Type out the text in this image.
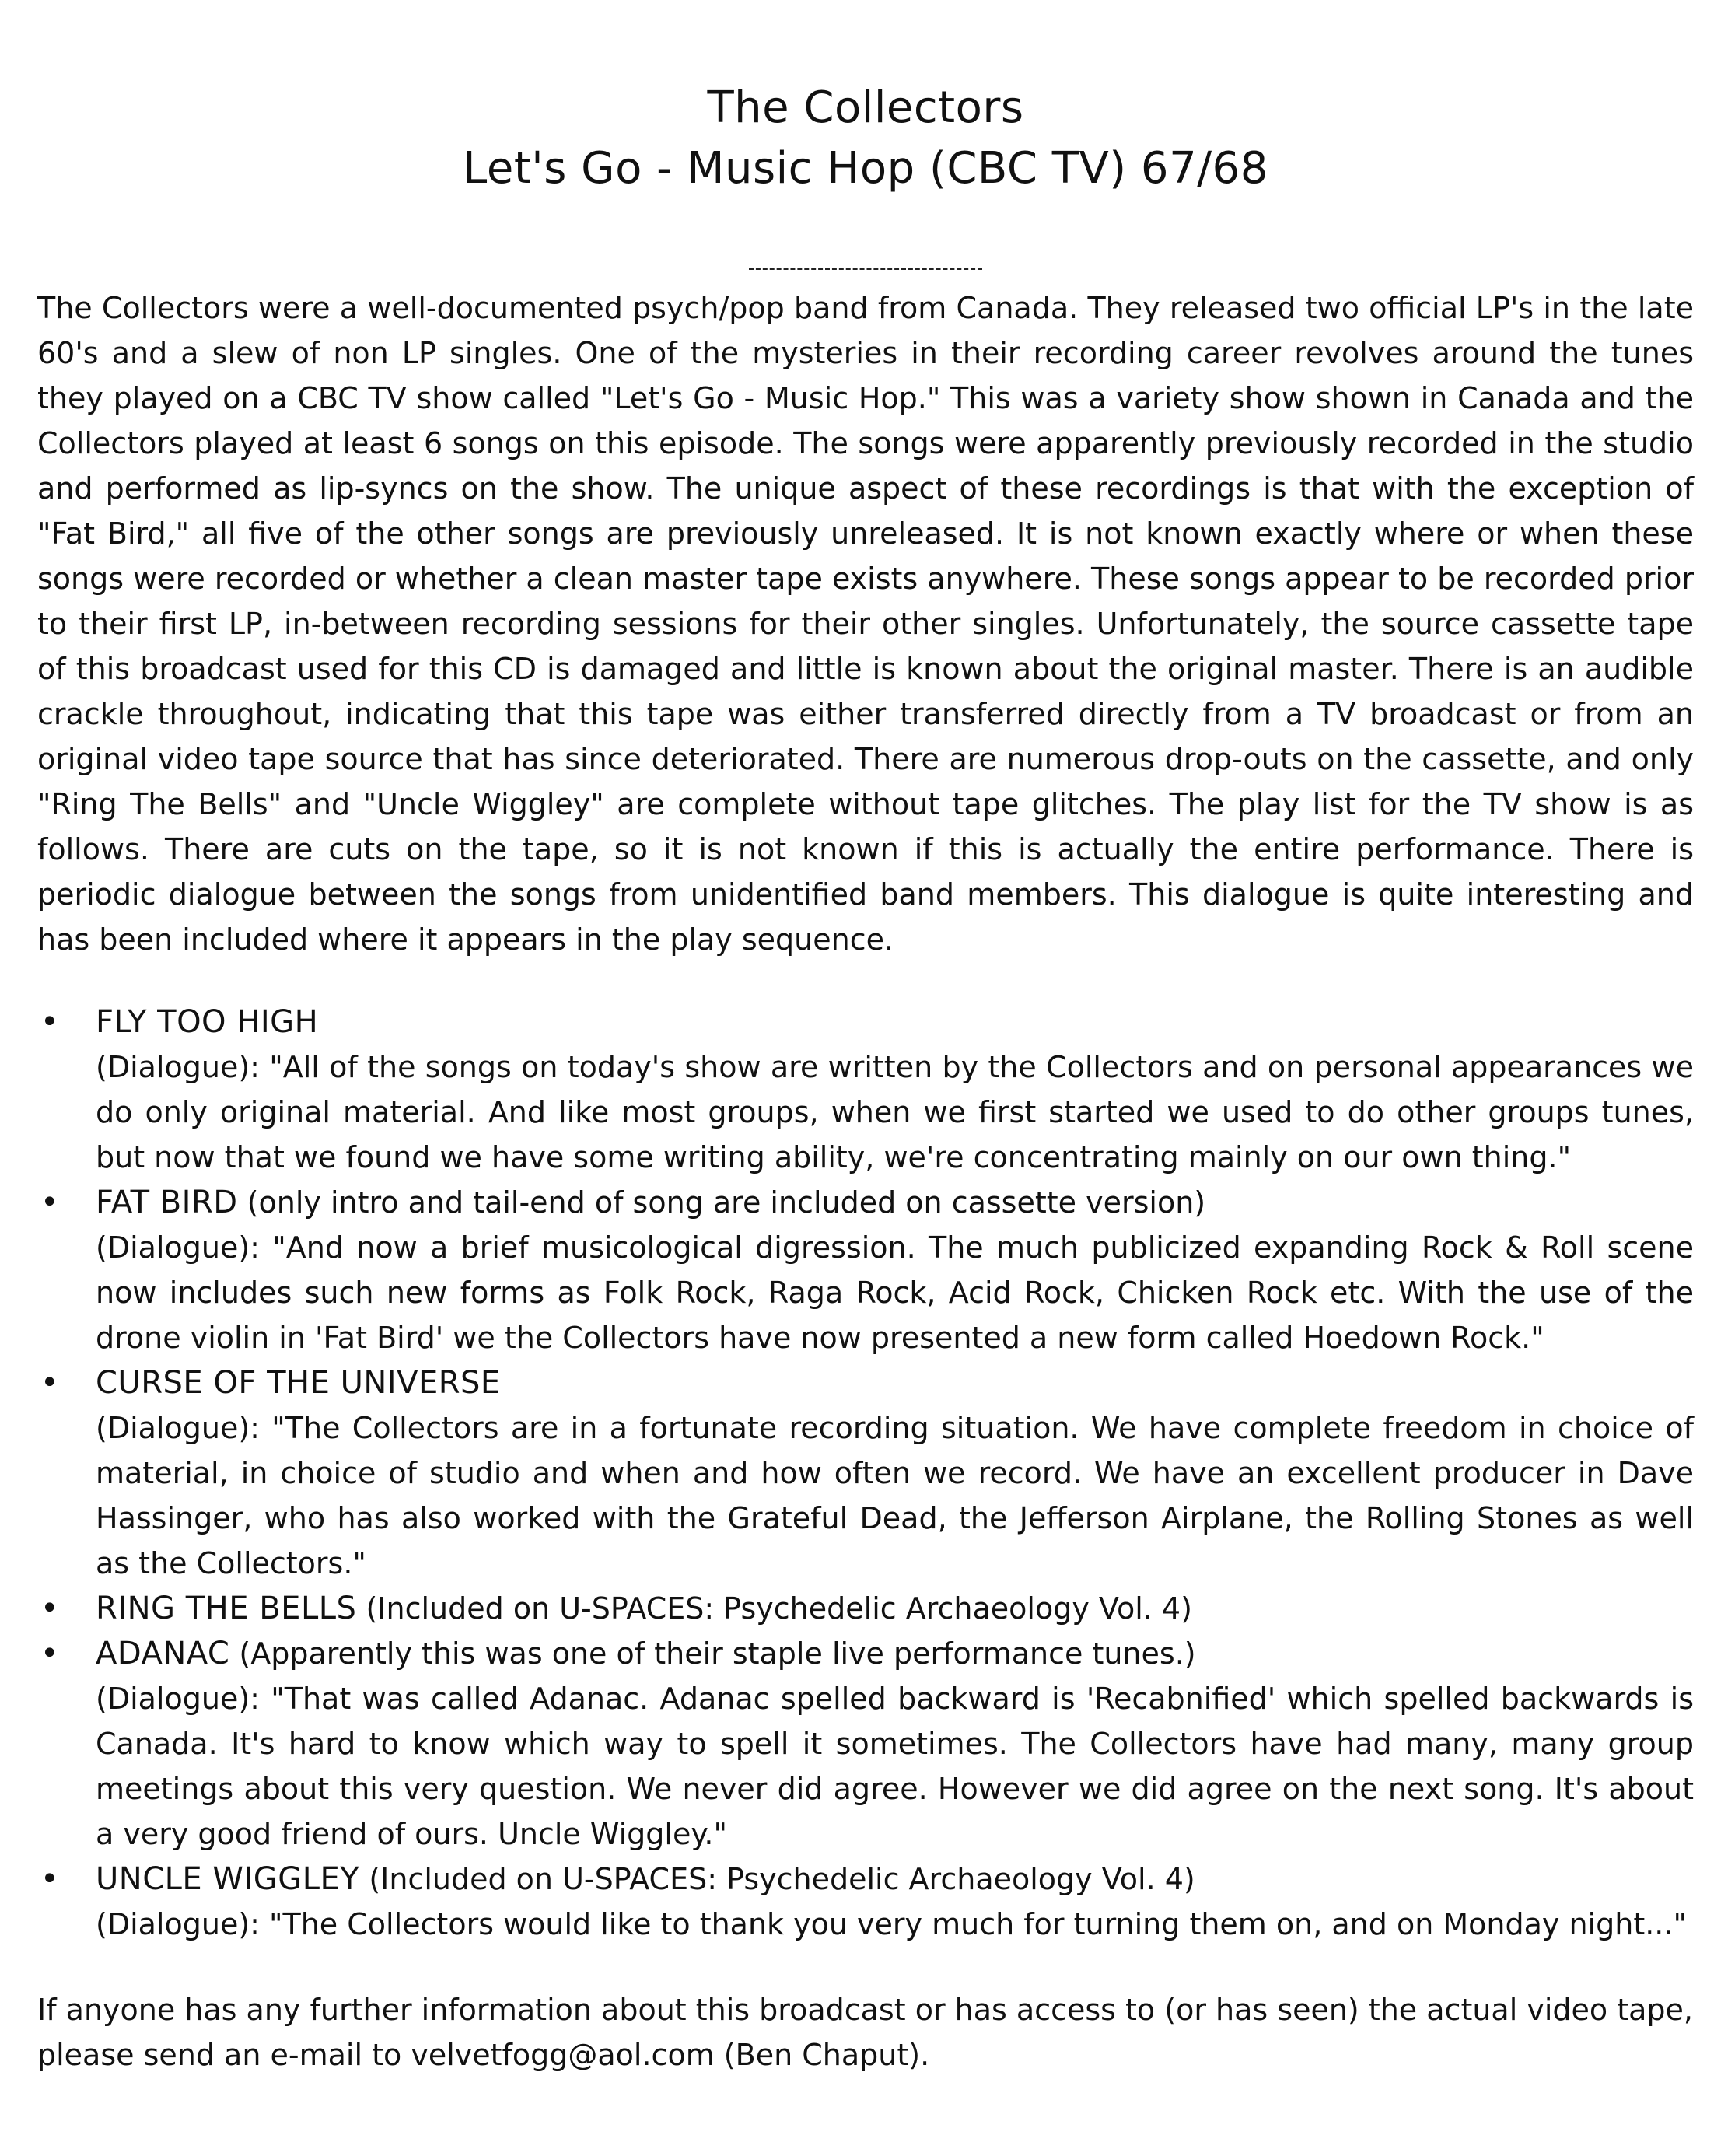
The Collectors
Let's Go - Music Hop (CBC TV) 67/68

The Collectors were a well-documented psych/pop band from Canada. They released two official LP's in the late 60's and a slew of non LP singles. One of the mysteries in their recording career revolves around the tunes they played on a CBC TV show called "Let's Go - Music Hop." This was a variety show shown in Canada and the Collectors played at least 6 songs on this episode. The songs were apparently previously recorded in the studio and performed as lip-syncs on the show. The unique aspect of these recordings is that with the exception of "Fat Bird," all five of the other songs are previously unreleased. It is not known exactly where or when these songs were recorded or whether a clean master tape exists anywhere. These songs appear to be recorded prior to their first LP, in-between recording sessions for their other singles. Unfortunately, the source cassette tape of this broadcast used for this CD is damaged and little is known about the original master. There is an audible crackle throughout, indicating that this tape was either transferred directly from a TV broadcast or from an original video tape source that has since deteriorated. There are numerous drop-outs on the cassette, and only "Ring The Bells" and "Uncle Wiggley" are complete without tape glitches. The play list for the TV show is as follows. There are cuts on the tape, so it is not known if this is actually the entire performance. There is periodic dialogue between the songs from unidentified band members. This dialogue is quite interesting and has been included where it appears in the play sequence.

• FLY TOO HIGH
(Dialogue): "All of the songs on today's show are written by the Collectors and on personal appearances we do only original material. And like most groups, when we first started we used to do other groups tunes, but now that we found we have some writing ability, we're concentrating mainly on our own thing."
• FAT BIRD (only intro and tail-end of song are included on cassette version)
(Dialogue): "And now a brief musicological digression. The much publicized expanding Rock & Roll scene now includes such new forms as Folk Rock, Raga Rock, Acid Rock, Chicken Rock etc. With the use of the drone violin in 'Fat Bird' we the Collectors have now presented a new form called Hoedown Rock."
• CURSE OF THE UNIVERSE
(Dialogue): "The Collectors are in a fortunate recording situation. We have complete freedom in choice of material, in choice of studio and when and how often we record. We have an excellent producer in Dave Hassinger, who has also worked with the Grateful Dead, the Jefferson Airplane, the Rolling Stones as well as the Collectors."
• RING THE BELLS (Included on U-SPACES: Psychedelic Archaeology Vol. 4)
• ADANAC (Apparently this was one of their staple live performance tunes.)
(Dialogue): "That was called Adanac. Adanac spelled backward is 'Recabnified' which spelled backwards is Canada. It's hard to know which way to spell it sometimes. The Collectors have had many, many group meetings about this very question. We never did agree. However we did agree on the next song. It's about a very good friend of ours. Uncle Wiggley."
• UNCLE WIGGLEY (Included on U-SPACES: Psychedelic Archaeology Vol. 4)
(Dialogue): "The Collectors would like to thank you very much for turning them on, and on Monday night..."

If anyone has any further information about this broadcast or has access to (or has seen) the actual video tape, please send an e-mail to velvetfogg@aol.com (Ben Chaput).
